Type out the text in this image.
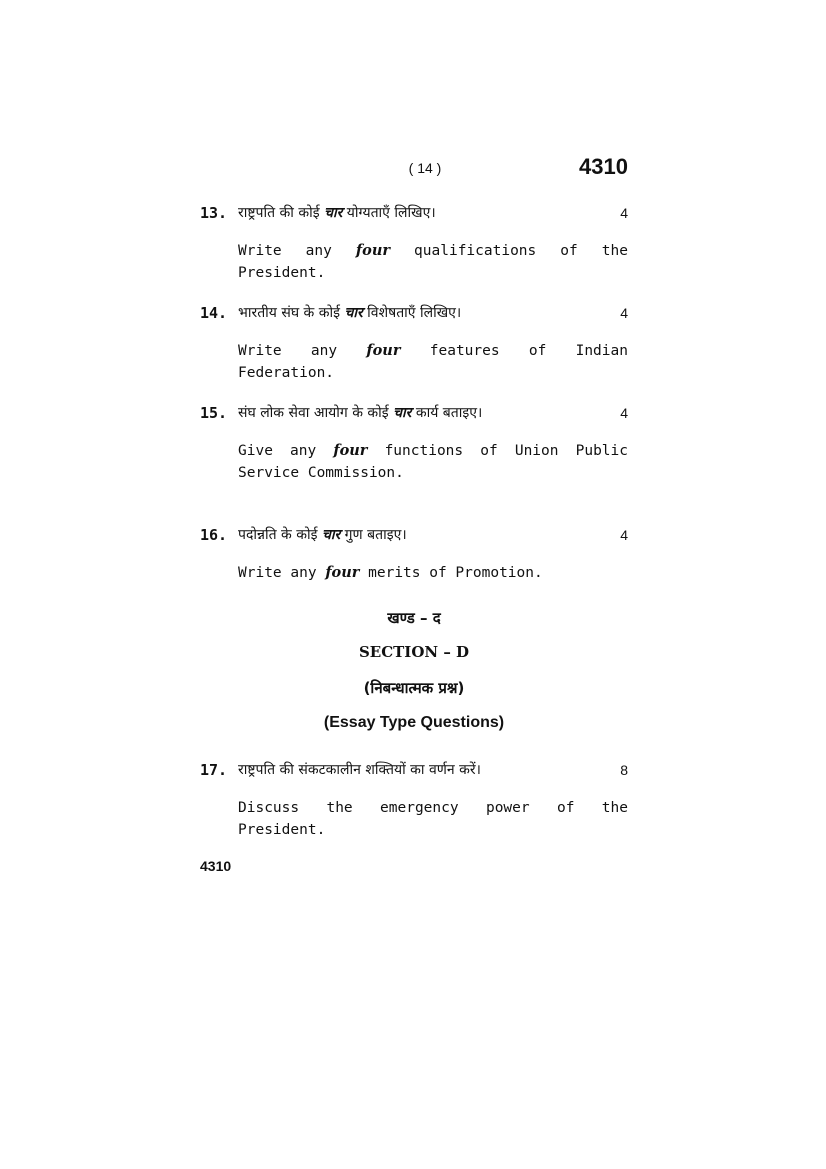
( 14 )	4310
13. राष्ट्रपति की कोई चार योग्यताएँ लिखिए।	4
Write any four qualifications of the President.
14. भारतीय संघ के कोई चार विशेषताएँ लिखिए।	4
Write any four features of Indian Federation.
15. संघ लोक सेवा आयोग के कोई चार कार्य बताइए।	4
Give any four functions of Union Public Service Commission.
16. पदोन्नति के कोई चार गुण बताइए।	4
Write any four merits of Promotion.
खण्ड – द
SECTION – D
(निबन्धात्मक प्रश्न)
(Essay Type Questions)
17. राष्ट्रपति की संकटकालीन शक्तियों का वर्णन करें।	8
Discuss the emergency power of the President.
4310
